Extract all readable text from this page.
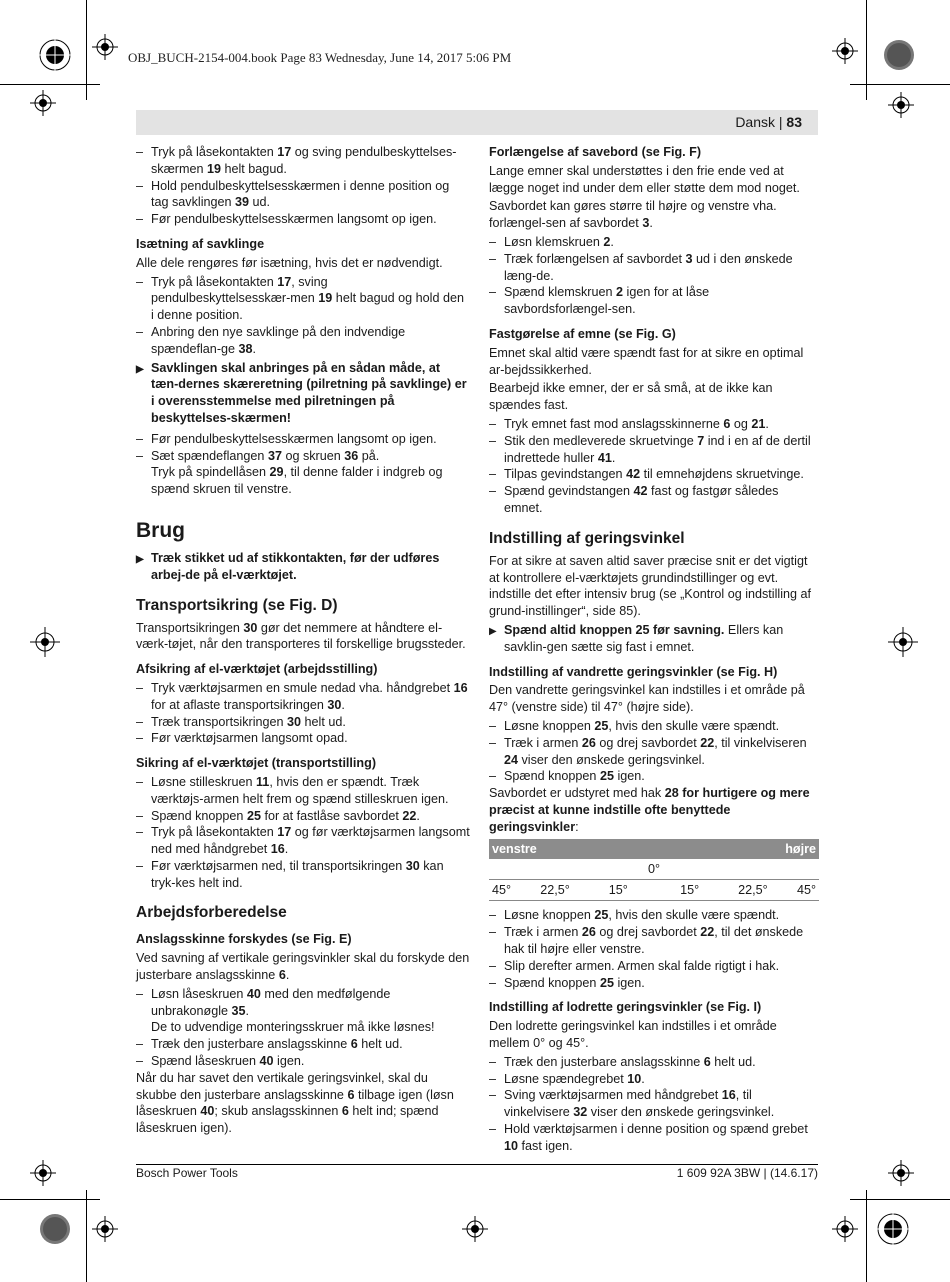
OBJ_BUCH-2154-004.book Page 83 Wednesday, June 14, 2017 5:06 PM
Dansk | 83

– Tryk på låsekontakten 17 og sving pendulbeskyttelses-skærmen 19 helt bagud.

– Hold pendulbeskyttelsesskærmen i denne position og tag savklingen 39 ud.

– Før pendulbeskyttelsesskærmen langsomt op igen.

Isætning af savklinge

Alle dele rengøres før isætning, hvis det er nødvendigt.

– Tryk på låsekontakten 17, sving pendulbeskyttelsesskær-men 19 helt bagud og hold den i denne position.

– Anbring den nye savklinge på den indvendige spændeflan-ge 38.

▶ Savklingen skal anbringes på en sådan måde, at tæn-dernes skæreretning (pilretning på savklinge) er i overensstemmelse med pilretningen på beskyttelses-skærmen!

– Før pendulbeskyttelsesskærmen langsomt op igen.

– Sæt spændeflangen 37 og skruen 36 på.
Tryk på spindellåsen 29, til denne falder i indgreb og spænd skruen til venstre.

Brug

▶ Træk stikket ud af stikkontakten, før der udføres arbej-de på el-værktøjet.

Transportsikring (se Fig. D)

Transportsikringen 30 gør det nemmere at håndtere el-værk-tøjet, når den transporteres til forskellige brugssteder.

Afsikring af el-værktøjet (arbejdsstilling)

– Tryk værktøjsarmen en smule nedad vha. håndgrebet 16 for at aflaste transportsikringen 30.

– Træk transportsikringen 30 helt ud.

– Før værktøjsarmen langsomt opad.

Sikring af el-værktøjet (transportstilling)

– Løsne stilleskruen 11, hvis den er spændt. Træk værktøjs-armen helt frem og spænd stilleskruen igen.

– Spænd knoppen 25 for at fastlåse savbordet 22.

– Tryk på låsekontakten 17 og før værktøjsarmen langsomt ned med håndgrebet 16.

– Før værktøjsarmen ned, til transportsikringen 30 kan tryk-kes helt ind.

Arbejdsforberedelse
Anslagsskinne forskydes (se Fig. E)

Ved savning af vertikale geringsvinkler skal du forskyde den justerbare anslagsskinne 6.

– Løsn låseskruen 40 med den medfølgende unbrakonøgle 35.
De to udvendige monteringsskruer må ikke løsnes!

– Træk den justerbare anslagsskinne 6 helt ud.

– Spænd låseskruen 40 igen.

Når du har savet den vertikale geringsvinkel, skal du skubbe den justerbare anslagsskinne 6 tilbage igen (løsn låseskruen 40; skub anslagsskinnen 6 helt ind; spænd låseskruen igen).

Forlængelse af savebord (se Fig. F)

Lange emner skal understøttes i den frie ende ved at lægge noget ind under dem eller støtte dem mod noget.

Savbordet kan gøres større til højre og venstre vha. forlængel-sen af savbordet 3.

– Løsn klemskruen 2.

– Træk forlængelsen af savbordet 3 ud i den ønskede læng-de.

– Spænd klemskruen 2 igen for at låse savbordsforlængel-sen.

Fastgørelse af emne (se Fig. G)

Emnet skal altid være spændt fast for at sikre en optimal ar-bejdssikkerhed.

Bearbejd ikke emner, der er så små, at de ikke kan spændes fast.

– Tryk emnet fast mod anslagsskinnerne 6 og 21.

– Stik den medleverede skruetvinge 7 ind i en af de dertil indrettede huller 41.

– Tilpas gevindstangen 42 til emnehøjdens skruetvinge.

– Spænd gevindstangen 42 fast og fastgør således emnet.

Indstilling af geringsvinkel

For at sikre at saven altid saver præcise snit er det vigtigt at kontrollere el-værktøjets grundindstillinger og evt. indstille det efter intensiv brug (se „Kontrol og indstilling af grund-instillinger“, side 85).

▶ Spænd altid knoppen 25 før savning. Ellers kan savklin-gen sætte sig fast i emnet.

Indstilling af vandrette geringsvinkler (se Fig. H)

Den vandrette geringsvinkel kan indstilles i et område på 47° (venstre side) til 47° (højre side).

– Løsne knoppen 25, hvis den skulle være spændt.

– Træk i armen 26 og drej savbordet 22, til vinkelviseren 24 viser den ønskede geringsvinkel.

– Spænd knoppen 25 igen.

Savbordet er udstyret med hak 28 for hurtigere og mere præcist at kunne indstille ofte benyttede geringsvinkler:

venstre			højre		
0°					
45°	22,5°	15°	15°	22,5°	45°

– Løsne knoppen 25, hvis den skulle være spændt.

– Træk i armen 26 og drej savbordet 22, til det ønskede hak til højre eller venstre.

– Slip derefter armen. Armen skal falde rigtigt i hak.

– Spænd knoppen 25 igen.

Indstilling af lodrette geringsvinkler (se Fig. I)

Den lodrette geringsvinkel kan indstilles i et område mellem 0° og 45°.

– Træk den justerbare anslagsskinne 6 helt ud.

– Løsne spændegrebet 10.

– Sving værktøjsarmen med håndgrebet 16, til vinkelvisere 32 viser den ønskede geringsvinkel.

– Hold værktøjsarmen i denne position og spænd grebet 10 fast igen.

Bosch Power Tools	1 609 92A 3BW | (14.6.17)
